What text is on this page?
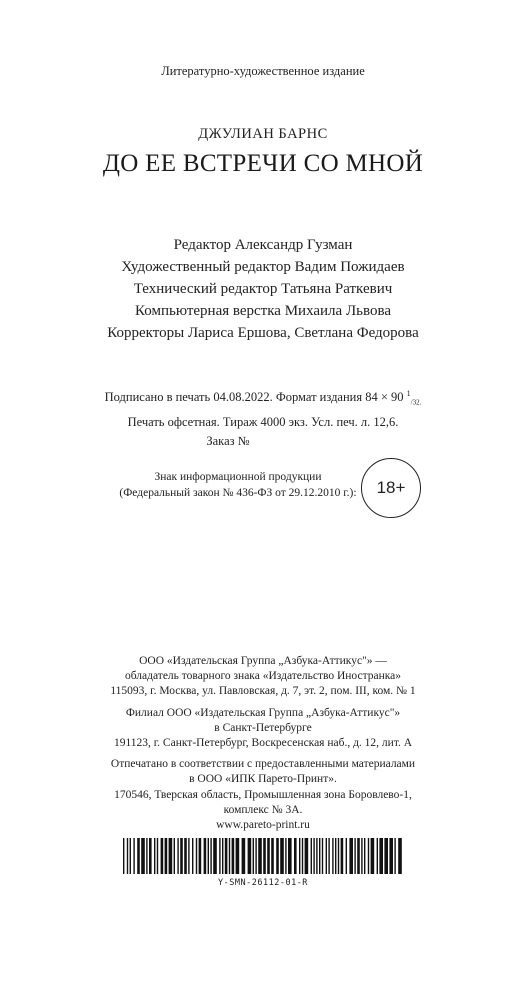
Литературно-художественное издание
ДЖУЛИАН БАРНС
ДО ЕЕ ВСТРЕЧИ СО МНОЙ
Редактор Александр Гузман
Художественный редактор Вадим Пожидаев
Технический редактор Татьяна Раткевич
Компьютерная верстка Михаила Львова
Корректоры Лариса Ершова, Светлана Федорова
Подписано в печать 04.08.2022. Формат издания 84 × 90 $^1_{/32.}$
Печать офсетная. Тираж 4000 экз. Усл. печ. л. 12,6.
Заказ №
Знак информационной продукции
(Федеральный закон № 436-ФЗ от 29.12.2010 г.):	18+
ООО «Издательская Группа „Азбука-Аттикус"» —
обладатель товарного знака «Издательство Иностранка»
115093, г. Москва, ул. Павловская, д. 7, эт. 2, пом. III, ком. № 1
Филиал ООО «Издательская Группа „Азбука-Аттикус"»
в Санкт-Петербурге
191123, г. Санкт-Петербург, Воскресенская наб., д. 12, лит. А
Отпечатано в соответствии с предоставленными материалами
в ООО «ИПК Парето-Принт».
170546, Тверская область, Промышленная зона Боровлево-1,
комплекс № 3А.
www.pareto-print.ru
Y-SMN-26112-01-R
